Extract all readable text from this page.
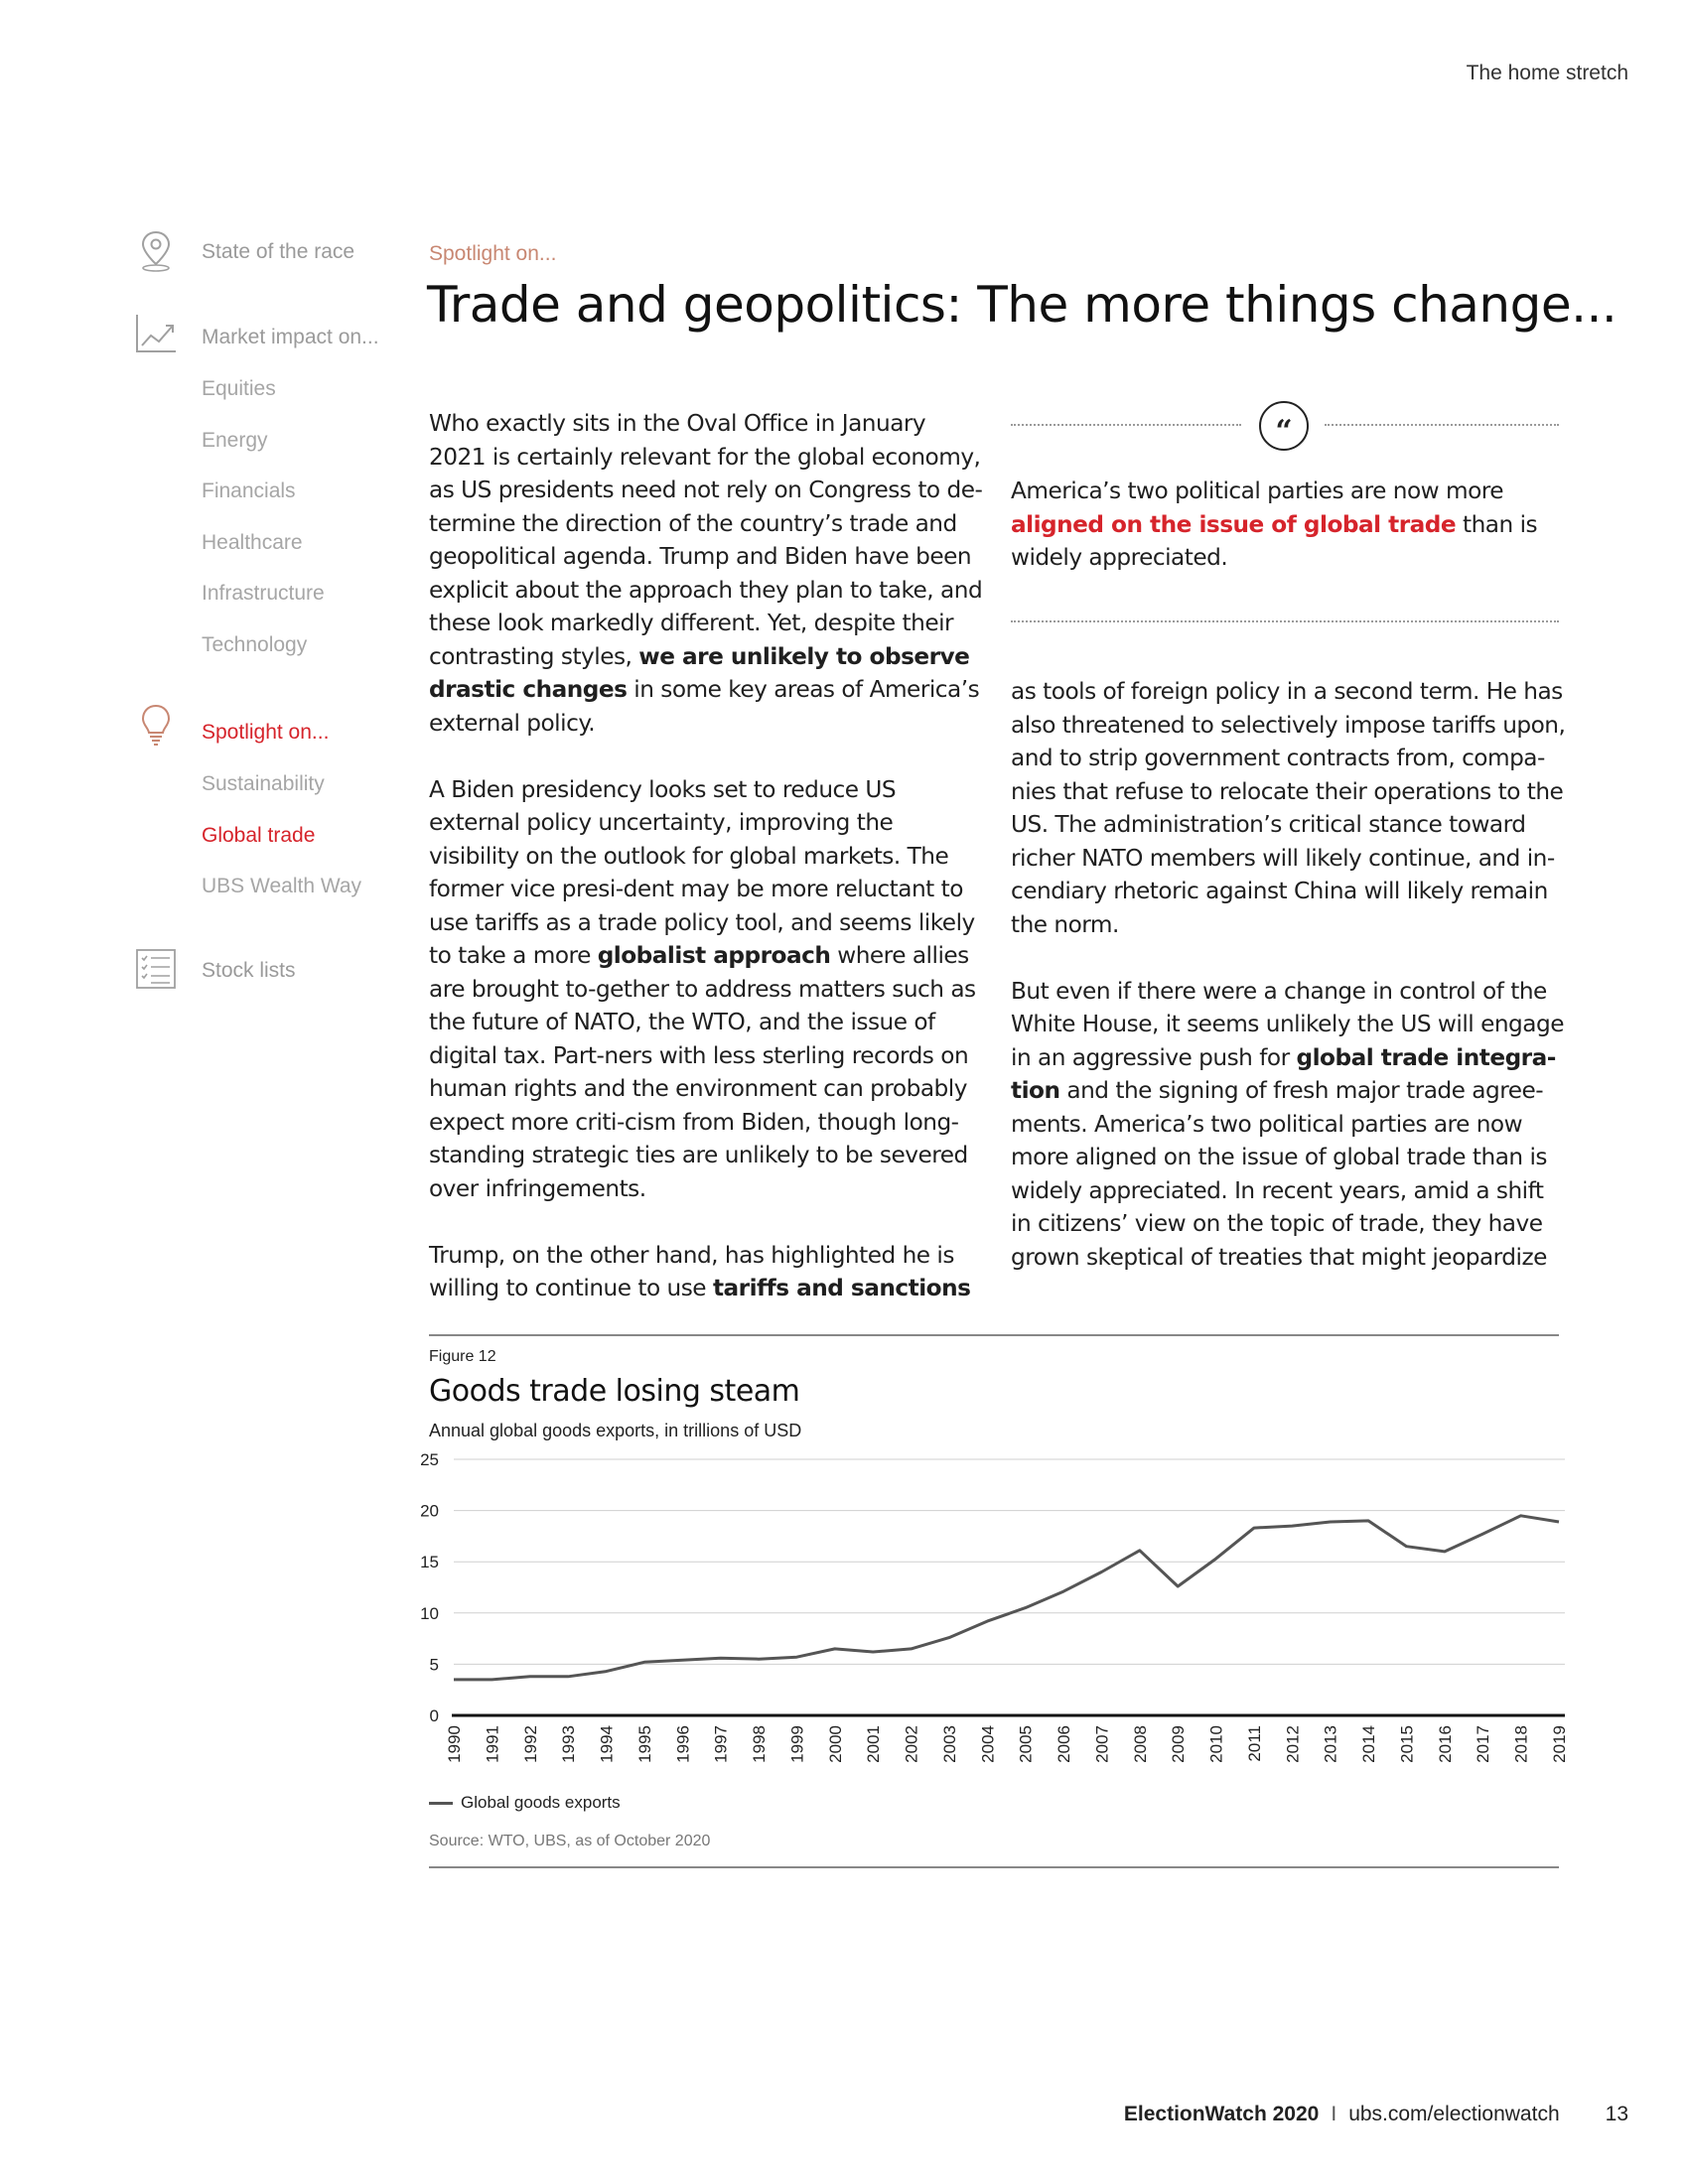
The home stretch
State of the race
Market impact on...
Equities
Energy
Financials
Healthcare
Infrastructure
Technology
Spotlight on...
Sustainability
Global trade
UBS Wealth Way
Stock lists
Spotlight on...
Trade and geopolitics: The more things change...

Who exactly sits in the Oval Office in January 2021 is certainly relevant for the global economy, as US presidents need not rely on Congress to de-termine the direction of the country’s trade and geopolitical agenda. Trump and Biden have been explicit about the approach they plan to take, and these look markedly different. Yet, despite their contrasting styles, we are unlikely to observe drastic changes in some key areas of America’s external policy.

A Biden presidency looks set to reduce US external policy uncertainty, improving the visibility on the outlook for global markets. The former vice presi-dent may be more reluctant to use tariffs as a trade policy tool, and seems likely to take a more globalist approach where allies are brought to-gether to address matters such as the future of NATO, the WTO, and the issue of digital tax. Part-ners with less sterling records on human rights and the environment can probably expect more criti-cism from Biden, though long-standing strategic ties are unlikely to be severed over infringements.

Trump, on the other hand, has highlighted he is willing to continue to use tariffs and sanctions

“
America’s two political parties are now more aligned on the issue of global trade than is widely appreciated.

as tools of foreign policy in a second term. He has also threatened to selectively impose tariffs upon, and to strip government contracts from, compa-nies that refuse to relocate their operations to the US. The administration’s critical stance toward richer NATO members will likely continue, and in-cendiary rhetoric against China will likely remain the norm.

But even if there were a change in control of the White House, it seems unlikely the US will engage in an aggressive push for global trade integra-tion and the signing of fresh major trade agree-ments. America’s two political parties are now more aligned on the issue of global trade than is widely appreciated. In recent years, amid a shift in citizens’ view on the topic of trade, they have grown skeptical of treaties that might jeopardize

Figure 12
Goods trade losing steam
Annual global goods exports, in trillions of USD
0
5
10
15
20
25
1990 1991 1992 1993 1994 1995 1996 1997 1998 1999 2000 2001 2002 2003 2004 2005 2006 2007 2008 2009 2010 2011 2012 2013 2014 2015 2016 2017 2018 2019
Global goods exports
Source: WTO, UBS, as of October 2020
ElectionWatch 2020 I ubs.com/electionwatch 13
